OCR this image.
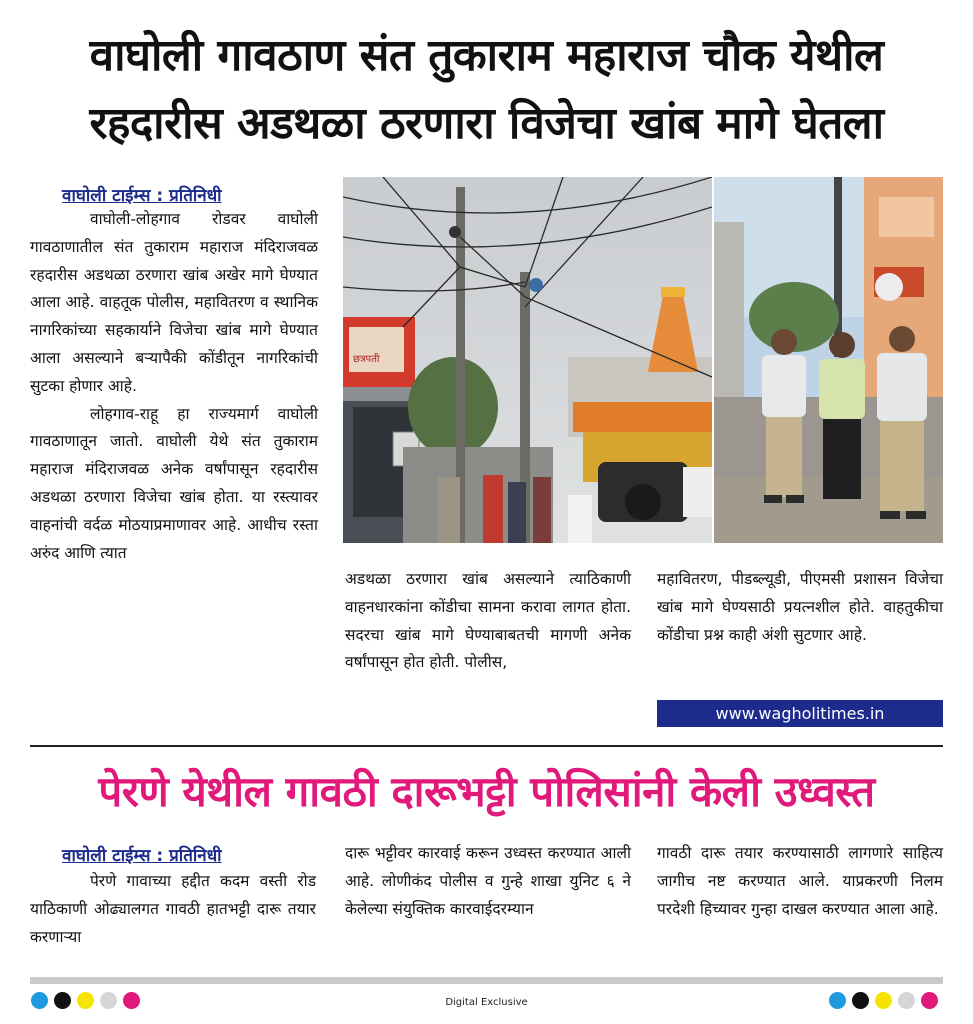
वाघोली गावठाण संत तुकाराम महाराज चौक येथील
रहदारीस अडथळा ठरणारा विजेचा खांब मागे घेतला
वाघोली टाईम्स : प्रतिनिधी

वाघोली-लोहगाव रोडवर वाघोली गावठाणातील संत तुकाराम महाराज मंदिराजवळ रहदारीस अडथळा ठरणारा खांब अखेर मागे घेण्यात आला आहे. वाहतूक पोलीस, महावितरण व स्थानिक नागरिकांच्या सहकार्याने विजेचा खांब मागे घेण्यात आला असल्याने बऱ्यापैकी कोंडीतून नागरिकांची सुटका होणार आहे.

लोहगाव-राहू हा राज्यमार्ग वाघोली गावठाणातून जातो. वाघोली येथे संत तुकाराम महाराज मंदिराजवळ अनेक वर्षांपासून रहदारीस अडथळा ठरणारा विजेचा खांब होता. या रस्त्यावर वाहनांची वर्दळ मोठयाप्रमाणावर आहे. आधीच रस्ता अरुंद आणि त्यात

छत्रपती

अडथळा ठरणारा खांब असल्याने त्याठिकाणी वाहनधारकांना कोंडीचा सामना करावा लागत होता. सदरचा खांब मागे घेण्याबाबतची मागणी अनेक वर्षांपासून होत होती. पोलीस,

महावितरण, पीडब्ल्यूडी, पीएमसी प्रशासन विजेचा खांब मागे घेण्यसाठी प्रयत्नशील होते. वाहतुकीचा कोंडीचा प्रश्न काही अंशी सुटणार आहे.

www.wagholitimes.in
पेरणे येथील गावठी दारूभट्टी पोलिसांनी केली उध्वस्त
वाघोली टाईम्स : प्रतिनिधी

पेरणे गावाच्या हद्दीत कदम वस्ती रोड याठिकाणी ओढ्यालगत गावठी हातभट्टी दारू तयार करणाऱ्या

दारू भट्टीवर कारवाई करून उध्वस्त करण्यात आली आहे. लोणीकंद पोलीस व गुन्हे शाखा युनिट ६ ने केलेल्या संयुक्तिक कारवाईदरम्यान

गावठी दारू तयार करण्यासाठी लागणारे साहित्य जागीच नष्ट करण्यात आले. याप्रकरणी निलम परदेशी हिच्यावर गुन्हा दाखल करण्यात आला आहे.

Digital Exclusive
